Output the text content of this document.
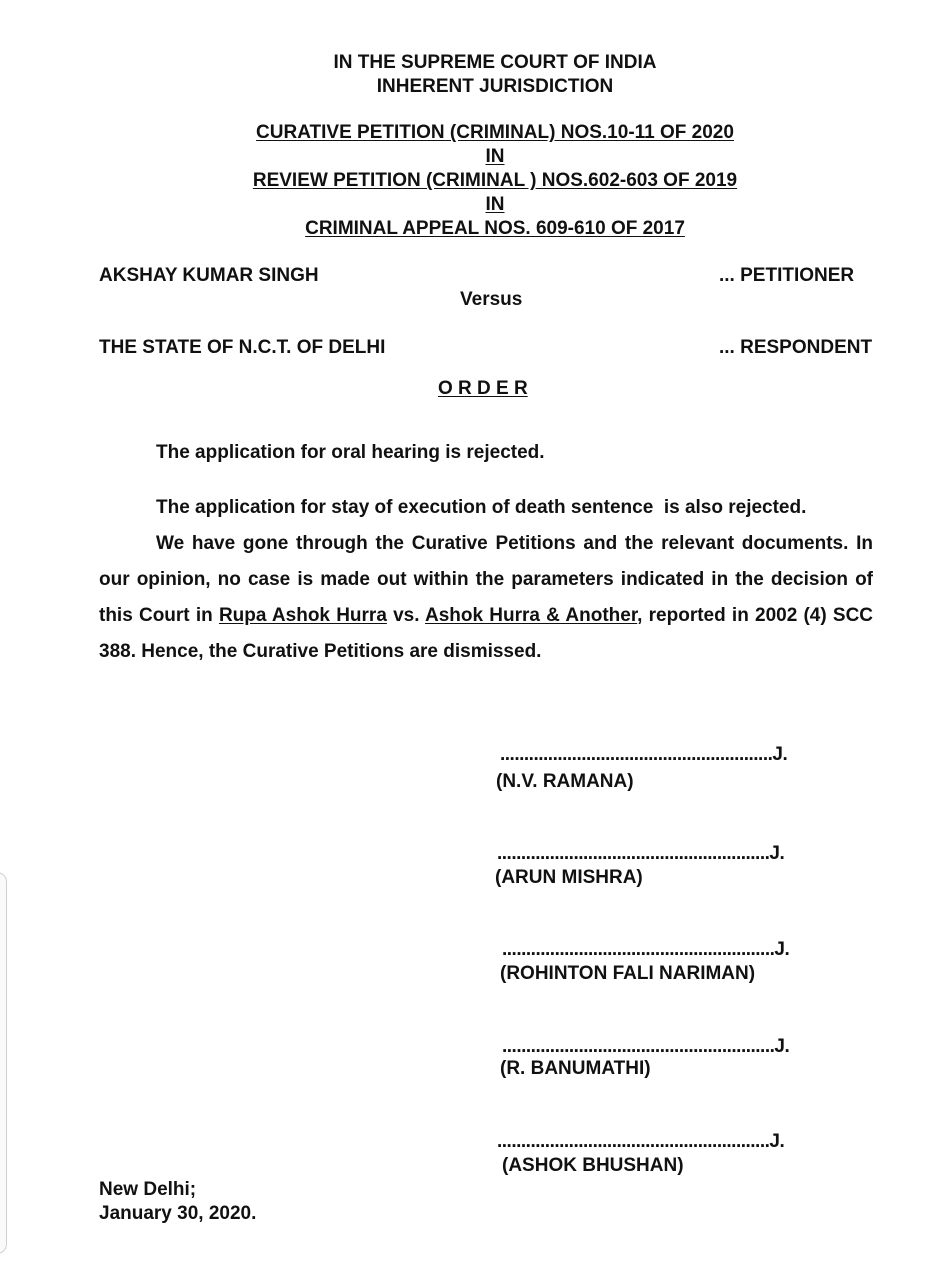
IN THE SUPREME COURT OF INDIA
INHERENT JURISDICTION
CURATIVE PETITION (CRIMINAL) NOS.10-11 OF 2020
IN
REVIEW PETITION (CRIMINAL ) NOS.602-603 OF 2019
IN
CRIMINAL APPEAL NOS. 609-610 OF 2017
AKSHAY KUMAR SINGH	... PETITIONER
Versus
THE STATE OF N.C.T. OF DELHI	... RESPONDENT
O R D E R
The application for oral hearing is rejected.
The application for stay of execution of death sentence  is also rejected.
We have gone through the Curative Petitions and the relevant documents. In our opinion, no case is made out within the parameters indicated in the decision of this Court in Rupa Ashok Hurra vs. Ashok Hurra & Another, reported in 2002 (4) SCC 388. Hence, the Curative Petitions are dismissed.
.........................................................J.
(N.V. RAMANA)
.........................................................J.
(ARUN MISHRA)
.........................................................J.
(ROHINTON FALI NARIMAN)
.........................................................J.
(R. BANUMATHI)
.........................................................J.
(ASHOK BHUSHAN)
New Delhi;
January 30, 2020.
